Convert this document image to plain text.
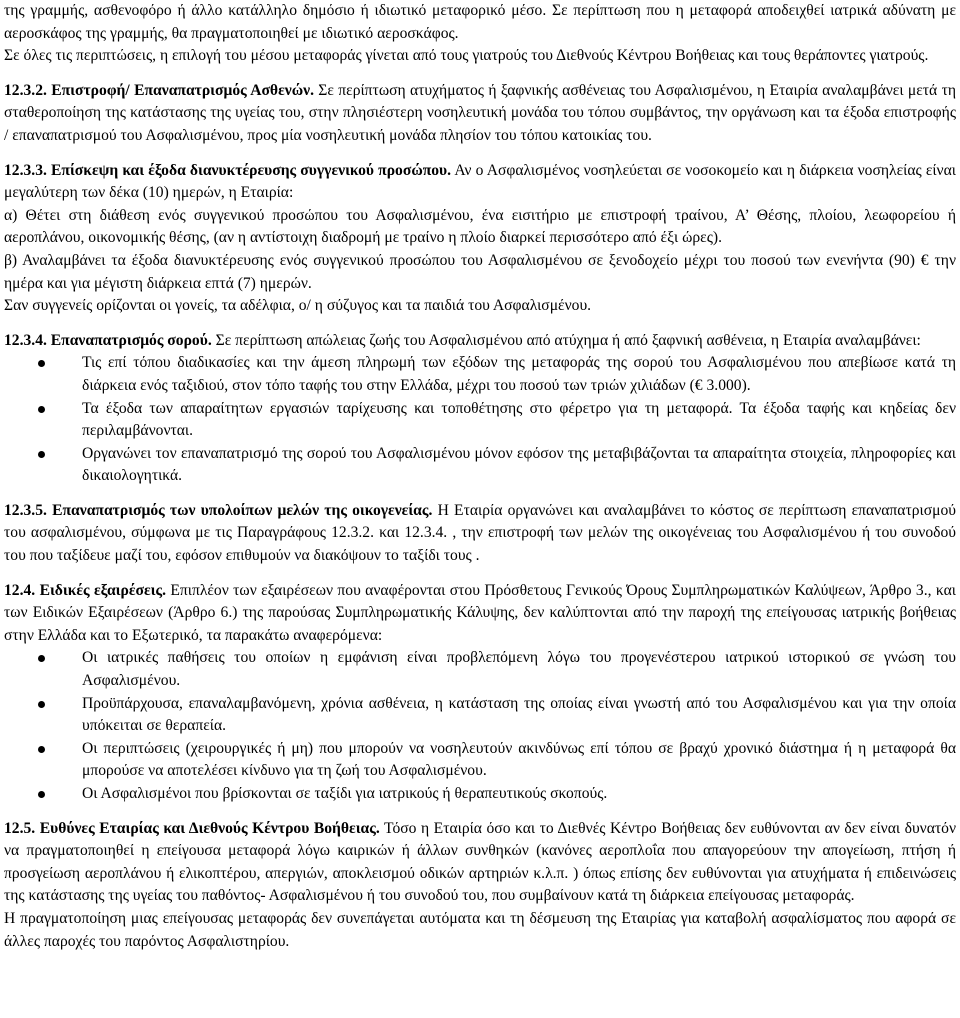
της γραμμής, ασθενοφόρο ή άλλο κατάλληλο δημόσιο ή ιδιωτικό μεταφορικό μέσο. Σε περίπτωση που η μεταφορά αποδειχθεί ιατρικά αδύνατη με αεροσκάφος της γραμμής, θα πραγματοποιηθεί με ιδιωτικό αεροσκάφος.

Σε όλες τις περιπτώσεις, η επιλογή του μέσου μεταφοράς γίνεται από τους γιατρούς του Διεθνούς Κέντρου Βοήθειας και τους θεράποντες γιατρούς.

12.3.2. Επιστροφή/ Επαναπατρισμός Ασθενών. Σε περίπτωση ατυχήματος ή ξαφνικής ασθένειας του Ασφαλισμένου, η Εταιρία αναλαμβάνει μετά τη σταθεροποίηση της κατάστασης της υγείας του, στην πλησιέστερη νοσηλευτική μονάδα του τόπου συμβάντος, την οργάνωση και τα έξοδα επιστροφής / επαναπατρισμού του Ασφαλισμένου, προς μία νοσηλευτική μονάδα πλησίον του τόπου κατοικίας του.

12.3.3. Επίσκεψη και έξοδα διανυκτέρευσης συγγενικού προσώπου. Αν ο Ασφαλισμένος νοσηλεύεται σε νοσοκομείο και η διάρκεια νοσηλείας είναι μεγαλύτερη των δέκα (10) ημερών, η Εταιρία:

α) Θέτει στη διάθεση ενός συγγενικού προσώπου του Ασφαλισμένου, ένα εισιτήριο με επιστροφή τραίνου, Α’ Θέσης, πλοίου, λεωφορείου ή αεροπλάνου, οικονομικής θέσης, (αν η αντίστοιχη διαδρομή με τραίνο η πλοίο διαρκεί περισσότερο από έξι ώρες).

β) Αναλαμβάνει τα έξοδα διανυκτέρευσης ενός συγγενικού προσώπου του Ασφαλισμένου σε ξενοδοχείο μέχρι του ποσού των ενενήντα (90) € την ημέρα και για μέγιστη διάρκεια επτά (7) ημερών.

Σαν συγγενείς ορίζονται οι γονείς, τα αδέλφια, ο/ η σύζυγος και τα παιδιά του Ασφαλισμένου.

12.3.4. Επαναπατρισμός σορού. Σε περίπτωση απώλειας ζωής του Ασφαλισμένου από ατύχημα ή από ξαφνική ασθένεια, η Εταιρία αναλαμβάνει:

Τις επί τόπου διαδικασίες και την άμεση πληρωμή των εξόδων της μεταφοράς της σορού του Ασφαλισμένου που απεβίωσε κατά τη διάρκεια ενός ταξιδιού, στον τόπο ταφής του στην Ελλάδα, μέχρι του ποσού των τριών χιλιάδων (€ 3.000).
Τα έξοδα των απαραίτητων εργασιών ταρίχευσης και τοποθέτησης στο φέρετρο για τη μεταφορά. Τα έξοδα ταφής και κηδείας δεν περιλαμβάνονται.
Οργανώνει τον επαναπατρισμό της σορού του Ασφαλισμένου μόνον εφόσον της μεταβιβάζονται τα απαραίτητα στοιχεία, πληροφορίες και δικαιολογητικά.

12.3.5. Επαναπατρισμός των υπολοίπων μελών της οικογενείας. Η Εταιρία οργανώνει και αναλαμβάνει το κόστος σε περίπτωση επαναπατρισμού του ασφαλισμένου, σύμφωνα με τις Παραγράφους 12.3.2. και 12.3.4. , την επιστροφή των μελών της οικογένειας του Ασφαλισμένου ή του συνοδού του που ταξίδευε μαζί του, εφόσον επιθυμούν να διακόψουν το ταξίδι τους .

12.4. Ειδικές εξαιρέσεις. Επιπλέον των εξαιρέσεων που αναφέρονται στου Πρόσθετους Γενικούς Όρους Συμπληρωματικών Καλύψεων, Άρθρο 3., και των Ειδικών Εξαιρέσεων (Άρθρο 6.) της παρούσας Συμπληρωματικής Κάλυψης, δεν καλύπτονται από την παροχή της επείγουσας ιατρικής βοήθειας στην Ελλάδα και το Εξωτερικό, τα παρακάτω αναφερόμενα:

Οι ιατρικές παθήσεις του οποίων η εμφάνιση είναι προβλεπόμενη λόγω του προγενέστερου ιατρικού ιστορικού σε γνώση του Ασφαλισμένου.
Προϋπάρχουσα, επαναλαμβανόμενη, χρόνια ασθένεια, η κατάσταση της οποίας είναι γνωστή από του Ασφαλισμένου και για την οποία υπόκειται σε θεραπεία.
Οι περιπτώσεις (χειρουργικές ή μη) που μπορούν να νοσηλευτούν ακινδύνως επί τόπου σε βραχύ χρονικό διάστημα ή η μεταφορά θα μπορούσε να αποτελέσει κίνδυνο για τη ζωή του Ασφαλισμένου.
Οι Ασφαλισμένοι που βρίσκονται σε ταξίδι για ιατρικούς ή θεραπευτικούς σκοπούς.

12.5. Ευθύνες Εταιρίας και Διεθνούς Κέντρου Βοήθειας. Τόσο η Εταιρία όσο και το Διεθνές Κέντρο Βοήθειας δεν ευθύνονται αν δεν είναι δυνατόν να πραγματοποιηθεί η επείγουσα μεταφορά λόγω καιρικών ή άλλων συνθηκών (κανόνες αεροπλοΐα που απαγορεύουν την απογείωση, πτήση ή προσγείωση αεροπλάνου ή ελικοπτέρου, απεργιών, αποκλεισμού οδικών αρτηριών κ.λ.π. ) όπως επίσης δεν ευθύνονται για ατυχήματα ή επιδεινώσεις της κατάστασης της υγείας του παθόντος- Ασφαλισμένου ή του συνοδού του, που συμβαίνουν κατά τη διάρκεια επείγουσας μεταφοράς.

Η πραγματοποίηση μιας επείγουσας μεταφοράς δεν συνεπάγεται αυτόματα και τη δέσμευση της Εταιρίας για καταβολή ασφαλίσματος που αφορά σε άλλες παροχές του παρόντος Ασφαλιστηρίου.
